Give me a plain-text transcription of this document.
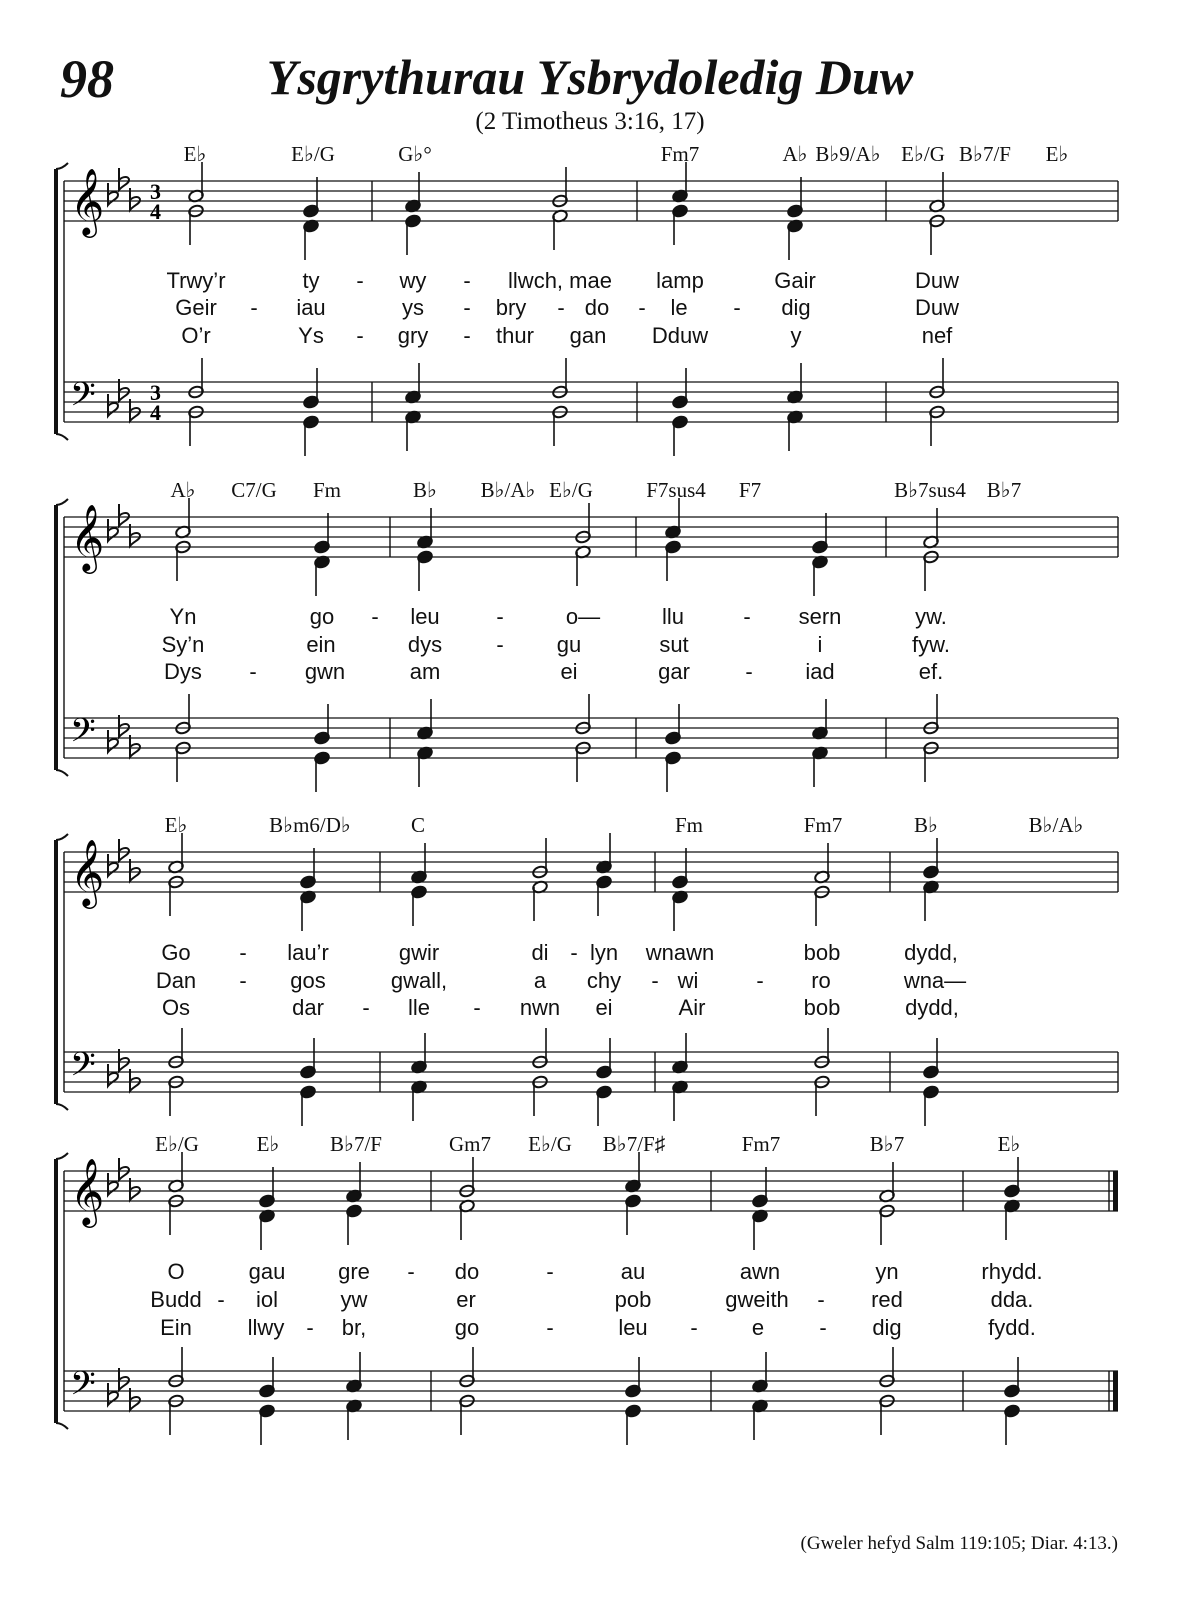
98	Ysgrythurau Ysbrydoledig Duw
(2 Timotheus 3:16, 17)
E♭	E♭/G	G♭°	Fm7	A♭ B♭9/A♭ E♭/G B♭7/F E♭
Trwy’r	ty - wy - llwch, mae lamp	Gair	Duw
Geir - iau	ys - bry - do - le - dig	Duw
O’r	Ys - gry - thur gan Dduw	y	nef
𝄞 3
4
𝄢 3
4
A♭ C7/G Fm	B♭ B♭/A♭ E♭/G	F7sus4 F7	B♭7sus4 B♭7
Yn	go - leu	-	o—	llu	- sern	yw.
Sy’n	ein	dys - gu	sut	i	fyw.
Dys - gwn	am	ei	gar	- iad	ef.
𝄞
𝄢
E♭	B♭m6/D♭	C	Fm	Fm7	B♭	B♭/A♭
Go - lau’r	gwir	di - lyn wnawn	bob	dydd,
Dan - gos	gwall,	a chy - wi	- ro	wna—
Os	dar - lle - nwn ei	Air	bob	dydd,
𝄞
𝄢
E♭/G	E♭ B♭7/F	Gm7 E♭/G B♭7/F♯	Fm7	B♭7	E♭
O	gau gre - do	-	au	awn	yn	rhydd.
Budd - iol	yw	er	pob	gweith - red	dda.
Ein	llwy - br,	go	-	leu - e	- dig	fydd.
𝄞
𝄢
(Gweler hefyd Salm 119:105; Diar. 4:13.)
